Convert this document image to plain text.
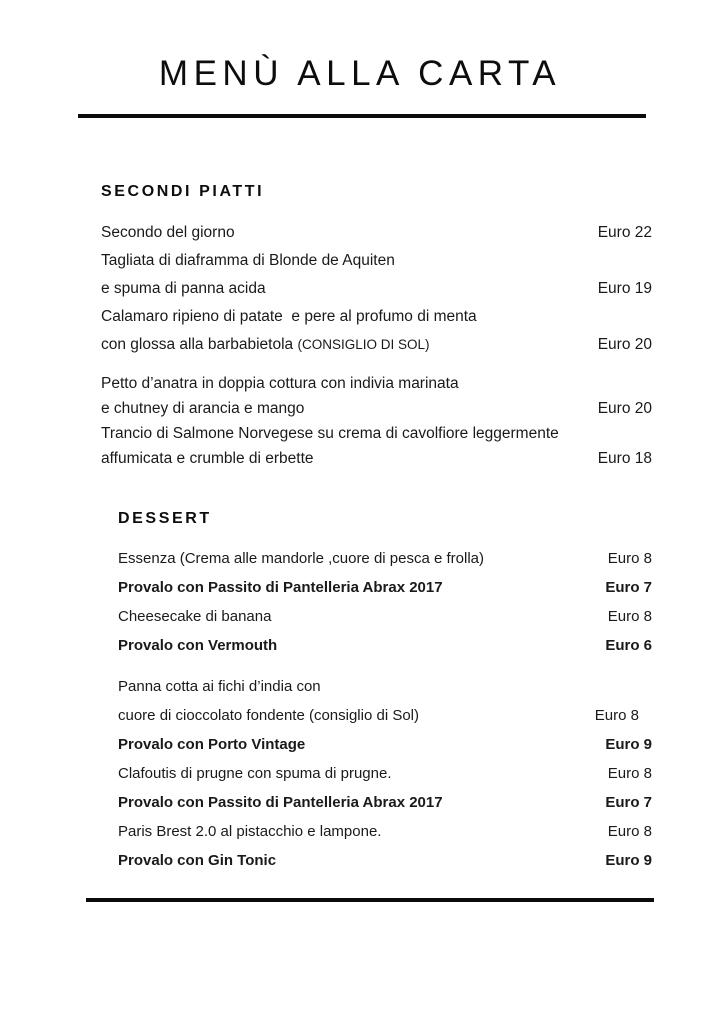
MENÙ ALLA CARTA
SECONDI PIATTI
Secondo del giorno	Euro 22
Tagliata di diaframma di Blonde de Aquiten
e spuma di panna acida	Euro 19
Calamaro ripieno di patate  e pere al profumo di menta
con glossa alla barbabietola (CONSIGLIO DI SOL)	Euro 20
Petto d’anatra in doppia cottura con indivia marinata
e chutney di arancia e mango	Euro 20
Trancio di Salmone Norvegese su crema di cavolfiore leggermente
affumicata e crumble di erbette	Euro 18
DESSERT
Essenza (Crema alle mandorle ,cuore di pesca e frolla)	Euro 8
Provalo con Passito di Pantelleria Abrax 2017	Euro 7
Cheesecake di banana	Euro 8
Provalo con Vermouth	Euro 6
Panna cotta ai fichi d’india con
cuore di cioccolato fondente (consiglio di Sol)	Euro 8
Provalo con Porto Vintage	Euro 9
Clafoutis di prugne con spuma di prugne.	Euro 8
Provalo con Passito di Pantelleria Abrax 2017	Euro 7
Paris Brest 2.0 al pistacchio e lampone.	Euro 8
Provalo con Gin Tonic	Euro 9
